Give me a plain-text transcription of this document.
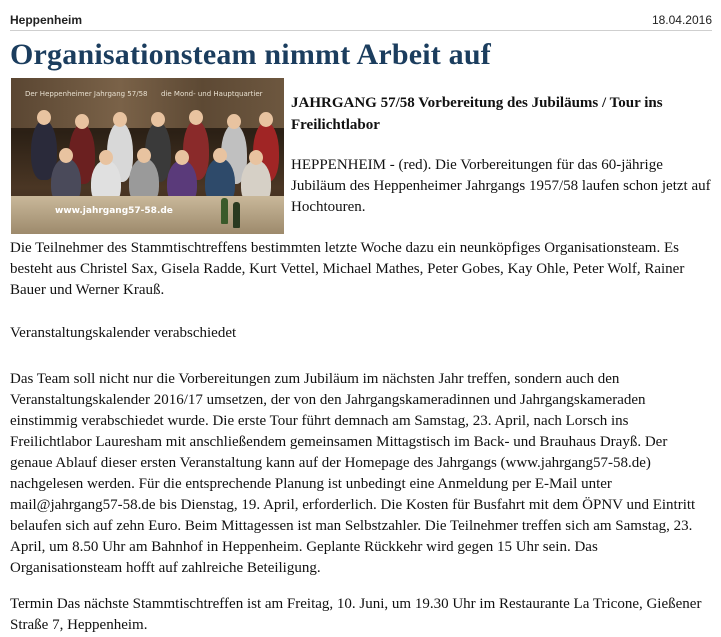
Heppenheim	18.04.2016
Organisationsteam nimmt Arbeit auf
Der Heppenheimer Jahrgang 57/58 die Mond- und Hauptquartier
www.jahrgang57-58.de

JAHRGANG 57/58 Vorbereitung des Jubiläums / Tour ins Freilichtlabor

HEPPENHEIM - (red). Die Vorbereitungen für das 60-jährige Jubiläum des Heppenheimer Jahrgangs 1957/58 laufen schon jetzt auf Hochtouren.

Die Teilnehmer des Stammtischtreffens bestimmten letzte Woche dazu ein neunköpfiges Organisationsteam. Es besteht aus Christel Sax, Gisela Radde, Kurt Vettel, Michael Mathes, Peter Gobes, Kay Ohle, Peter Wolf, Rainer Bauer und Werner Krauß.

Veranstaltungskalender verabschiedet

Das Team soll nicht nur die Vorbereitungen zum Jubiläum im nächsten Jahr treffen, sondern auch den Veranstaltungskalender 2016/17 umsetzen, der von den Jahrgangskameradinnen und Jahrgangskameraden einstimmig verabschiedet wurde. Die erste Tour führt demnach am Samstag, 23. April, nach Lorsch ins Freilichtlabor Lauresham mit anschließendem gemeinsamen Mittagstisch im Back- und Brauhaus Drayß. Der genaue Ablauf dieser ersten Veranstaltung kann auf der Homepage des Jahrgangs (www.jahrgang57-58.de) nachgelesen werden. Für die entsprechende Planung ist unbedingt eine Anmeldung per E-Mail unter mail@jahrgang57-58.de bis Dienstag, 19. April, erforderlich. Die Kosten für Busfahrt mit dem ÖPNV und Eintritt belaufen sich auf zehn Euro. Beim Mittagessen ist man Selbstzahler. Die Teilnehmer treffen sich am Samstag, 23. April, um 8.50 Uhr am Bahnhof in Heppenheim. Geplante Rückkehr wird gegen 15 Uhr sein. Das Organisationsteam hofft auf zahlreiche Beteiligung.

Termin Das nächste Stammtischtreffen ist am Freitag, 10. Juni, um 19.30 Uhr im Restaurante La Tricone, Gießener Straße 7, Heppenheim.
